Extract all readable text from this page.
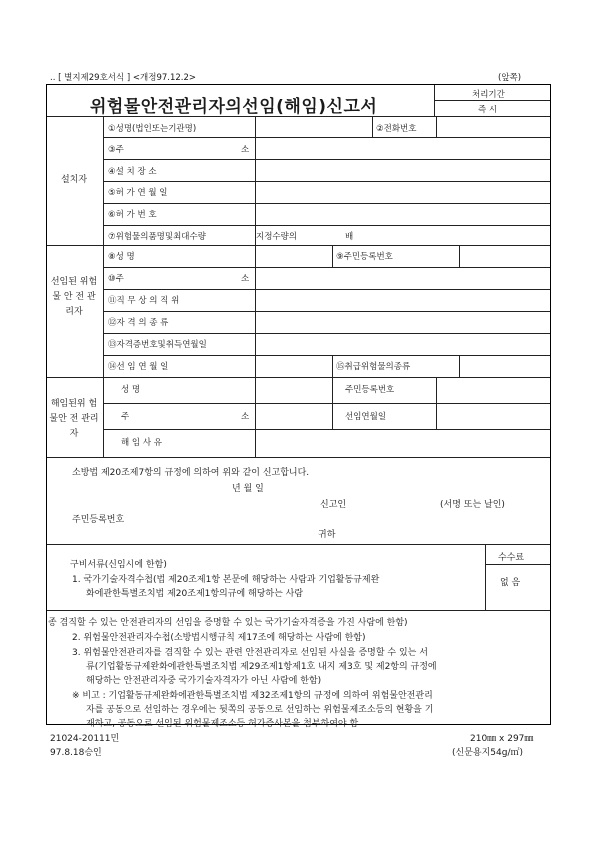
.. [ 별지제29호서식 ] <개정97.12.2>	(앞쪽)
위험물안전관리자의선임(해임)신고서
처리기간
즉 시
설치자
①성명(법인또는기관명)	②전화번호
③주	소
④설 치 장 소
⑤허 가 연 월 일
⑥허 가 번 호
⑦위험물의품명및최대수량	지정수량의	배
선임된 위험물 안 전 관리자
⑧성 명	⑨주민등록번호
⑩주	소
⑪직 무 상 의 직 위
⑫자 격 의 종 류
⑬자격증번호및취득연월일
⑭선 임 연 월 일	⑮취급위험물의종류
해임된위 험물안 전 관리자
성 명	주민등록번호
주	소	선임연월일
해 임 사 유
소방법 제20조제7항의 규정에 의하여 위와 같이 신고합니다.
년 월 일
신고인	(서명 또는 날인)
주민등록번호
귀하
구비서류(신임시에 한함)
1. 국가기술자격수첩(법 제20조제1항 본문에 해당하는 사람과 기업활동규제완
화에관한특별조치법 제20조제1항의규에 해당하는 사람
수수료
없 음
종 겸직할 수 있는 안전관리자의 선임을 증명할 수 있는 국가기술자격증을 가진 사람에 한함)
2. 위험물안전관리자수첩(소방법시행규칙 제17조에 해당하는 사람에 한함)
3. 위험물안전관리자를 겸직할 수 있는 관련 안전관리자로 선임된 사실을 증명할 수 있는 서
류(기업활동규제완화에관한특별조치법 제29조제1항제1호 내지 제3호 및 제2항의 규정에
해당하는 안전관리자중 국가기술자격자가 아닌 사람에 한함)
※ 비고 : 기업활동규제완화에관한특별조치법 제32조제1항의 규정에 의하여 위험물안전관리
자를 공동으로 선임하는 경우에는 뒷쪽의 공동으로 선임하는 위험물제조소등의 현황을 기
재하고, 공동으로 선임된 위험물제조소등 허가증사본을 첨부하여야 함
21024-20111민
97.8.18승인
210㎜ x 297㎜
(신문용지54g/㎡)
